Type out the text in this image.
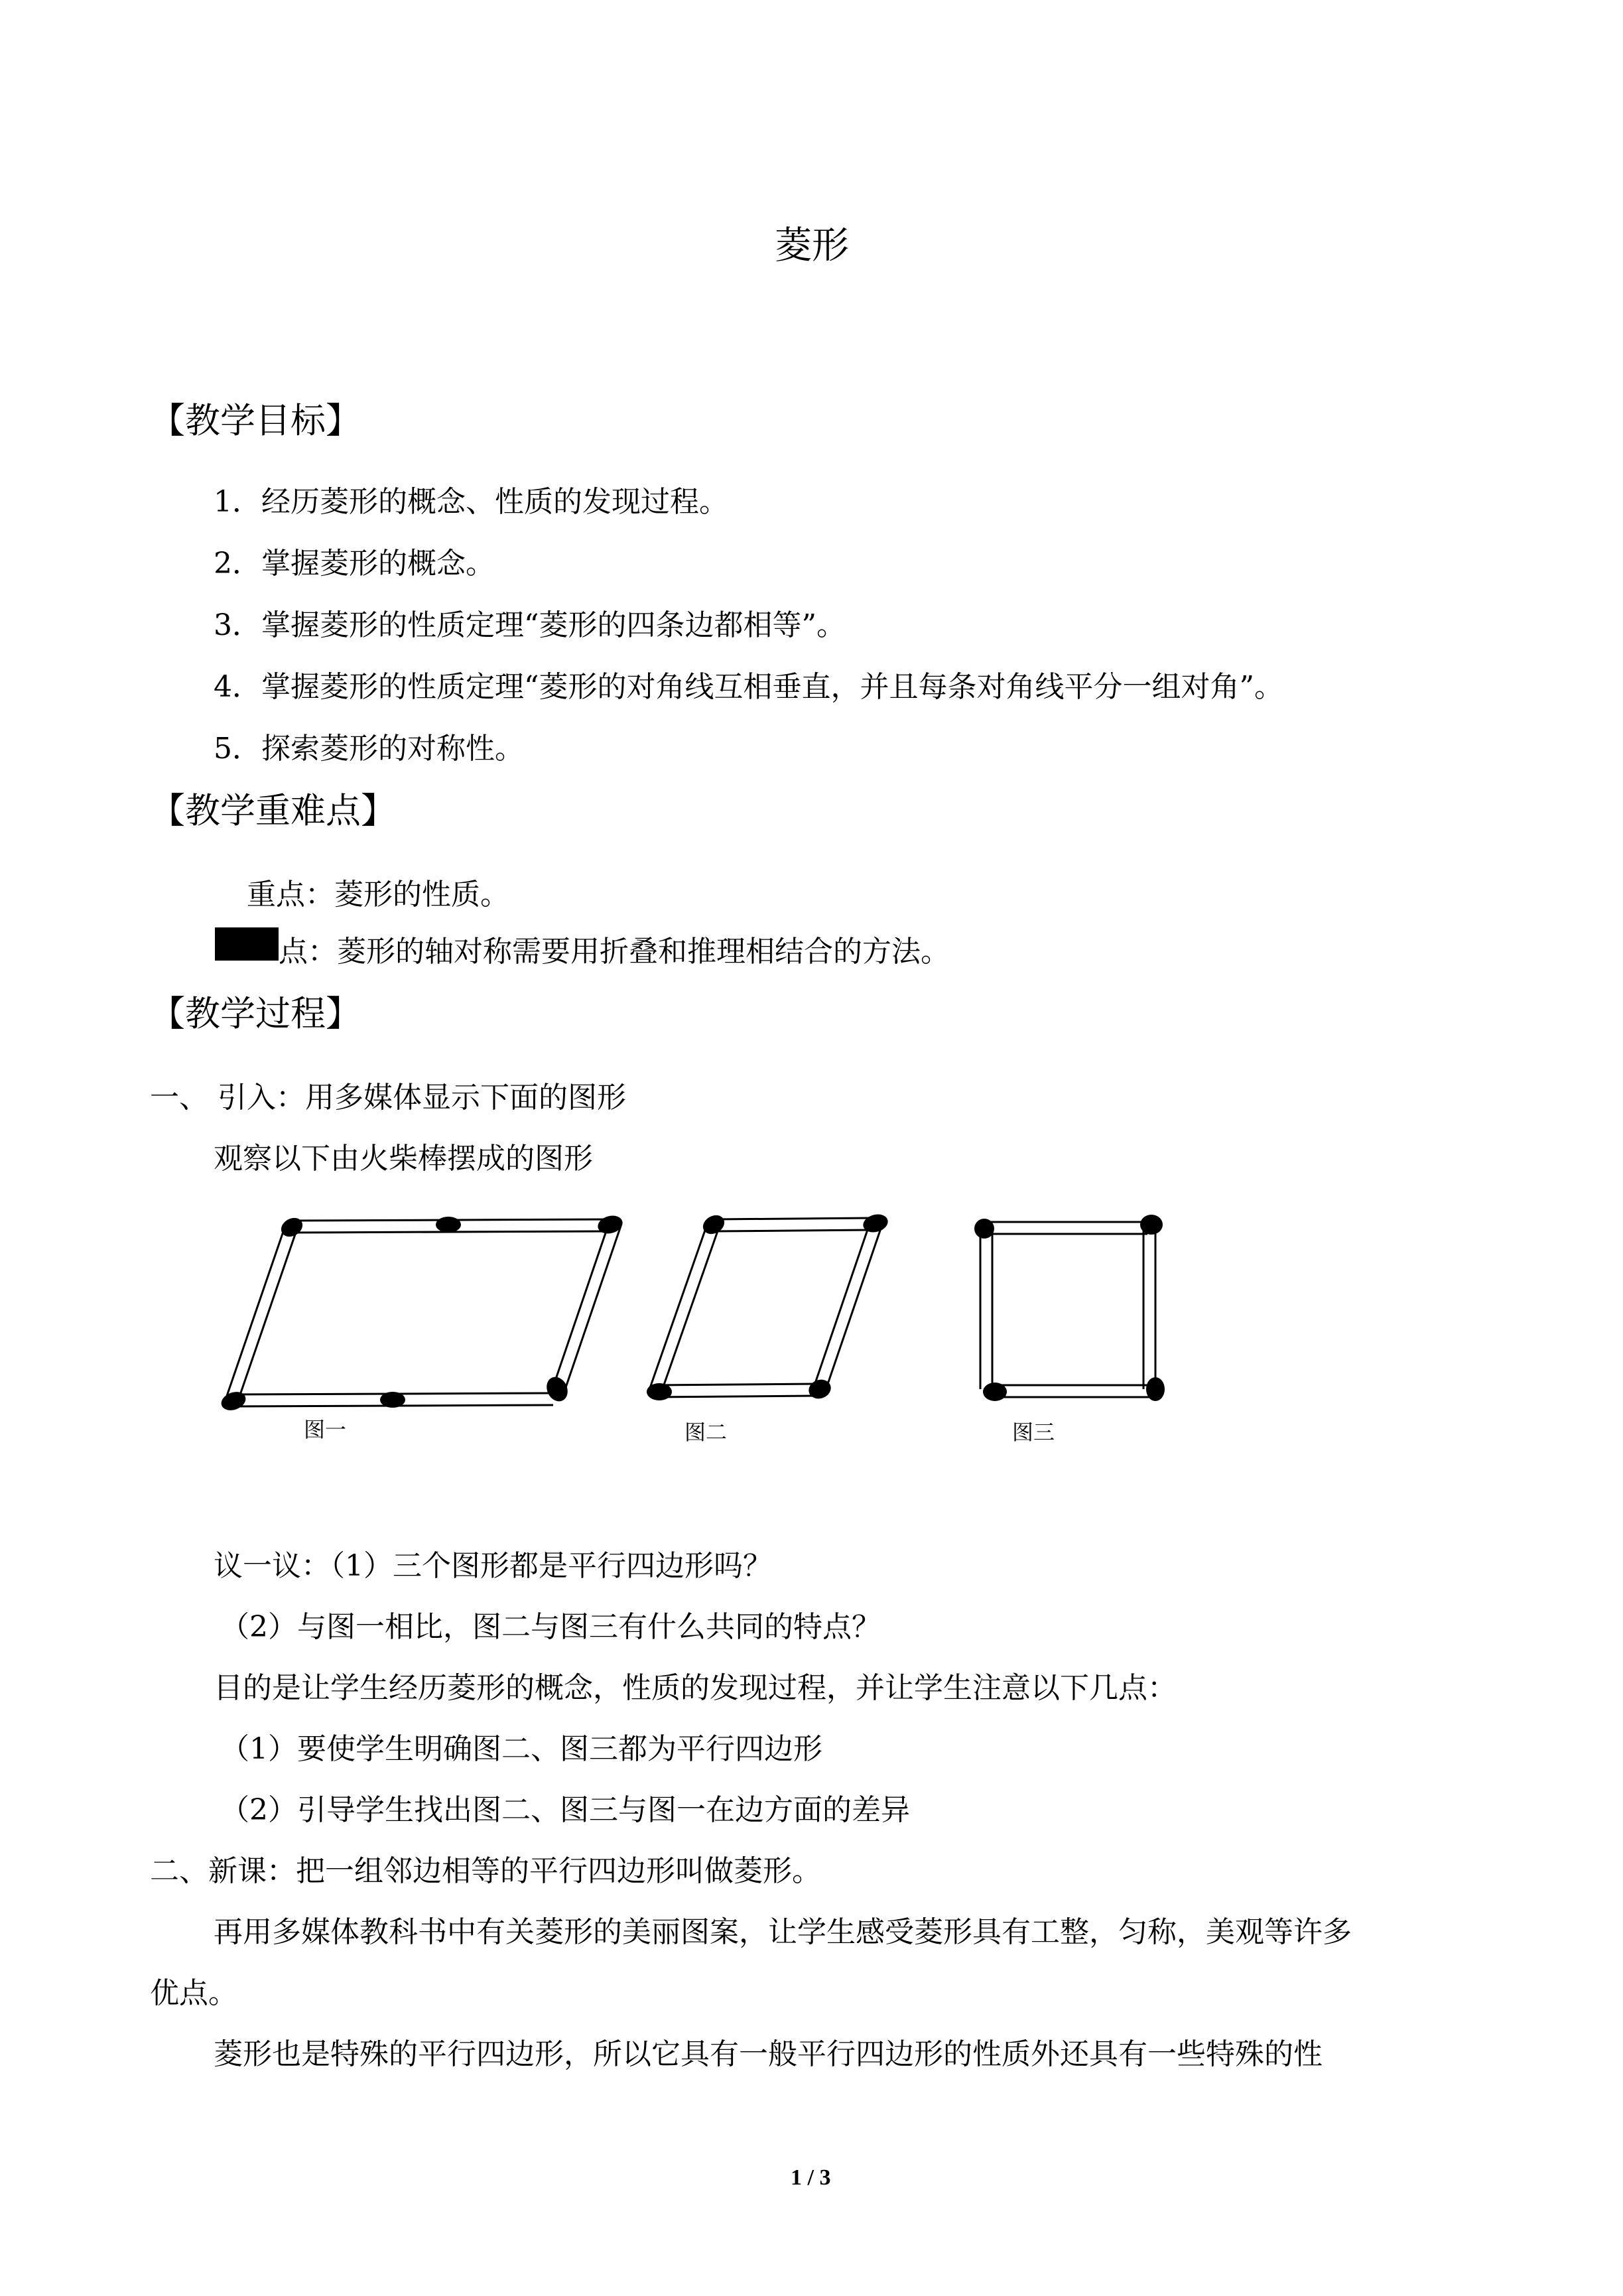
菱形
【教学目标】
1．经历菱形的概念、性质的发现过程。
2．掌握菱形的概念。
3．掌握菱形的性质定理“菱形的四条边都相等”。
4．掌握菱形的性质定理“菱形的对角线互相垂直，并且每条对角线平分一组对角”。
5．探索菱形的对称性。
【教学重难点】
重点：菱形的性质。
点：菱形的轴对称需要用折叠和推理相结合的方法。
【教学过程】
一、 引入：用多媒体显示下面的图形
观察以下由火柴棒摆成的图形
图一	图二	图三
议一议：（1）三个图形都是平行四边形吗？
（2）与图一相比，图二与图三有什么共同的特点？
目的是让学生经历菱形的概念，性质的发现过程，并让学生注意以下几点：
（1）要使学生明确图二、图三都为平行四边形
（2）引导学生找出图二、图三与图一在边方面的差异
二、新课：把一组邻边相等的平行四边形叫做菱形。
再用多媒体教科书中有关菱形的美丽图案，让学生感受菱形具有工整，匀称，美观等许多
优点。
菱形也是特殊的平行四边形，所以它具有一般平行四边形的性质外还具有一些特殊的性
1 / 3
